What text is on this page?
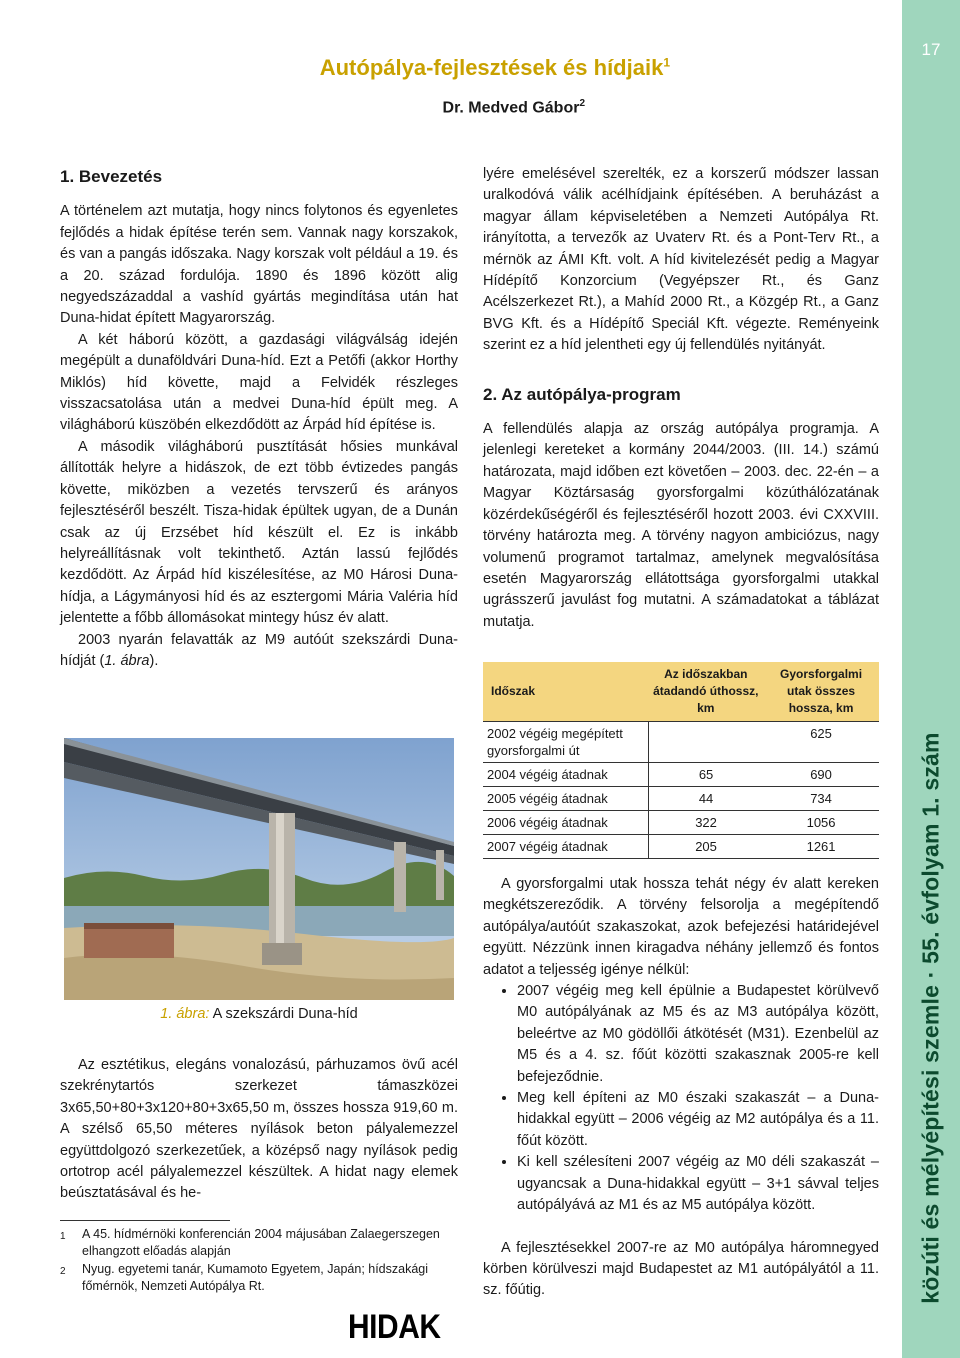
17
közúti és mélyépítési szemle · 55. évfolyam 1. szám
Autópálya-fejlesztések és hídjaik$^1$
Dr. Medved Gábor$^2$
1. Bevezetés

A történelem azt mutatja, hogy nincs folytonos és egyenletes fejlődés a hidak építése terén sem. Vannak nagy korszakok, és van a pangás időszaka. Nagy korszak volt például a 19. és a 20. század fordulója. 1890 és 1896 között alig negyedszázaddal a vashíd gyártás megindítása után hat Duna-hidat épített Magyarország.

A két háború között, a gazdasági világválság idején megépült a dunaföldvári Duna-híd. Ezt a Petőfi (akkor Horthy Miklós) híd követte, majd a Felvidék részleges visszacsatolása után a medvei Duna-híd épült meg. A világháború küszöbén elkezdődött az Árpád híd építése is.

A második világháború pusztítását hősies munkával állították helyre a hidászok, de ezt több évtizedes pangás követte, miközben a vezetés tervszerű és arányos fejlesztéséről beszélt. Tisza-hidak épültek ugyan, de a Dunán csak az új Erzsébet híd készült el. Ez is inkább helyreállításnak volt tekinthető. Aztán lassú fejlődés kezdődött. Az Árpád híd kiszélesítése, az M0 Hárosi Duna-hídja, a Lágymányosi híd és az esztergomi Mária Valéria híd jelentette a főbb állomásokat mintegy húsz év alatt.

2003 nyarán felavatták az M9 autóút szekszárdi Duna-hídját (1. ábra).

1. ábra: A szekszárdi Duna-híd

Az esztétikus, elegáns vonalozású, párhuzamos övű acél szekrénytartós szerkezet támaszközei 3x65,50+80+3x120+80+3x65,50 m, összes hossza 919,60 m. A szélső 65,50 méteres nyílások beton pályalemezzel együttdolgozó szerkezetűek, a középső nagy nyílások pedig ortotrop acél pályalemezzel készültek. A hidat nagy elemek beúsztatásával és he-

1 A 45. hídmérnöki konferencián 2004 májusában Zalaegerszegen elhangzott előadás alapján
2 Nyug. egyetemi tanár, Kumamoto Egyetem, Japán; hídszakági főmérnök, Nemzeti Autópálya Rt.
HIDAK

lyére emelésével szerelték, ez a korszerű módszer lassan uralkodóvá válik acélhídjaink építésében. A beruházást a magyar állam képviseletében a Nemzeti Autópálya Rt. irányította, a tervezők az Uvaterv Rt. és a Pont-Terv Rt., a mérnök az ÁMI Kft. volt. A híd kivitelezését pedig a Magyar Hídépítő Konzorcium (Vegyépszer Rt., és Ganz Acélszerkezet Rt.), a Mahíd 2000 Rt., a Közgép Rt., a Ganz BVG Kft. és a Hídépítő Speciál Kft. végezte. Reményeink szerint ez a híd jelentheti egy új fellendülés nyitányát.

2. Az autópálya-program

A fellendülés alapja az ország autópálya programja. A jelenlegi kereteket a kormány 2044/2003. (III. 14.) számú határozata, majd időben ezt követően – 2003. dec. 22-én – a Magyar Köztársaság gyorsforgalmi közúthálózatának közérdekűségéről és fejlesztéséről hozott 2003. évi CXXVIII. törvény határozta meg. A törvény nagyon ambiciózus, nagy volumenű programot tartalmaz, amelynek megvalósítása esetén Magyarország ellátottsága gyorsforgalmi utakkal ugrásszerű javulást fog mutatni. A számadatokat a táblázat mutatja.

Időszak	Az időszakban átadandó úthossz, km	Gyorsforgalmi utak összes hossza, km
2002 végéig megépített gyorsforgalmi út		625
2004 végéig átadnak	65	690
2005 végéig átadnak	44	734
2006 végéig átadnak	322	1056
2007 végéig átadnak	205	1261

A gyorsforgalmi utak hossza tehát négy év alatt kereken megkétszereződik. A törvény felsorolja a megépítendő autópálya/autóút szakaszokat, azok befejezési határidejével együtt. Nézzünk innen kiragadva néhány jellemző és fontos adatot a teljesség igénye nélkül:

• 2007 végéig meg kell épülnie a Budapestet körülvevő M0 autópályának az M5 és az M3 autópálya között, beleértve az M0 gödöllői átkötését (M31). Ezenbelül az M5 és a 4. sz. főút közötti szakasznak 2005-re kell befejeződnie.
• Meg kell építeni az M0 északi szakaszát – a Duna-hidakkal együtt – 2006 végéig az M2 autópálya és a 11. főút között.
• Ki kell szélesíteni 2007 végéig az M0 déli szakaszát – ugyancsak a Duna-hidakkal együtt – 3+1 sávval teljes autópályává az M1 és az M5 autópálya között.

A fejlesztésekkel 2007-re az M0 autópálya háromnegyed körben körülveszi majd Budapestet az M1 autópályától a 11. sz. főútig.
